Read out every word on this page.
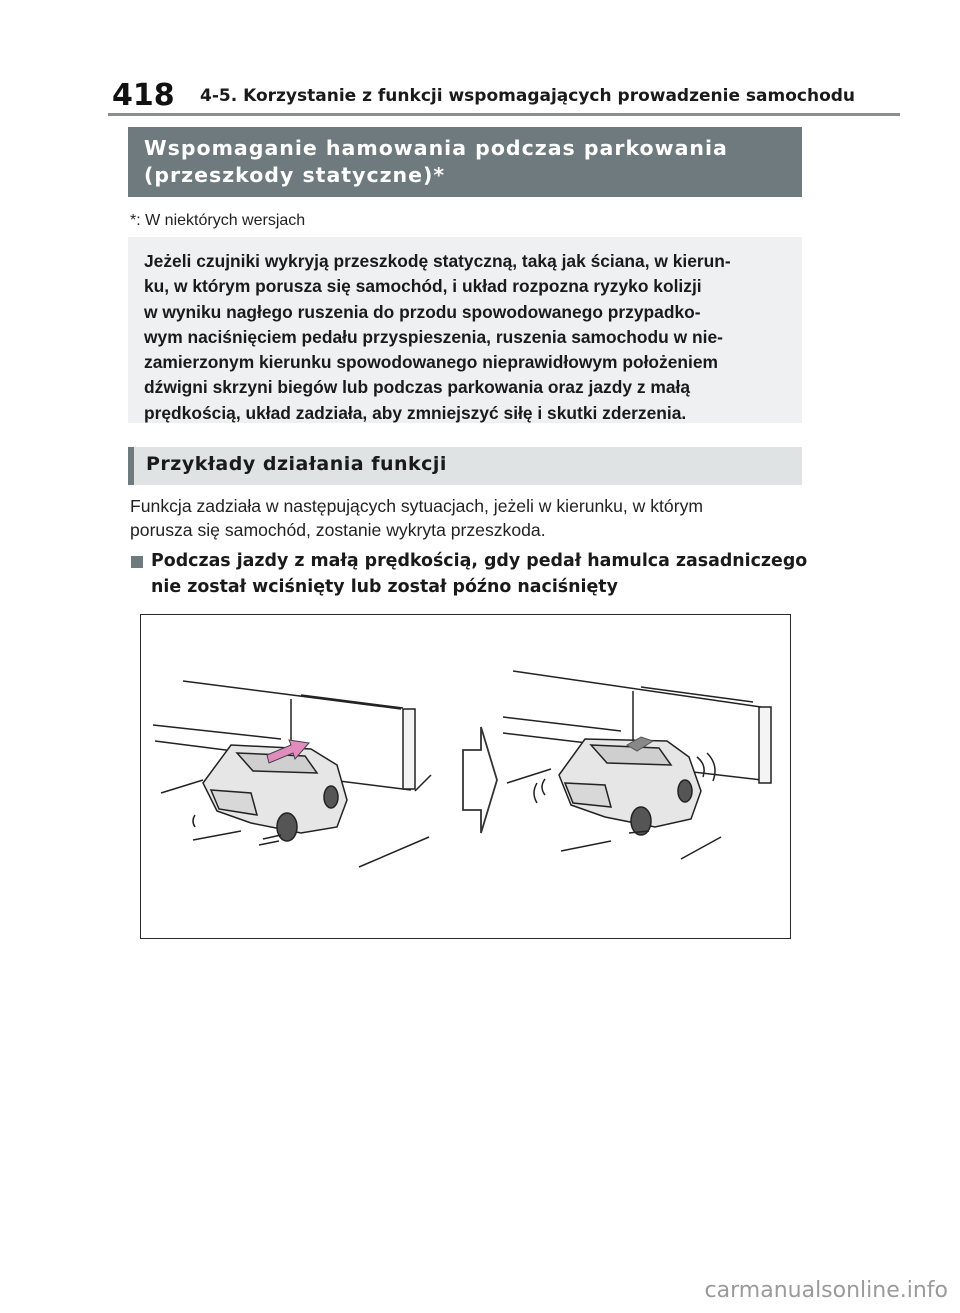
418 4-5. Korzystanie z funkcji wspomagających prowadzenie samochodu
Wspomaganie hamowania podczas parkowania
(przeszkody statyczne)*
*: W niektórych wersjach

Jeżeli czujniki wykryją przeszkodę statyczną, taką jak ściana, w kierun-

ku, w którym porusza się samochód, i układ rozpozna ryzyko kolizji

w wyniku nagłego ruszenia do przodu spowodowanego przypadko-

wym naciśnięciem pedału przyspieszenia, ruszenia samochodu w nie-

zamierzonym kierunku spowodowanego nieprawidłowym położeniem

dźwigni skrzyni biegów lub podczas parkowania oraz jazdy z małą

prędkością, układ zadziała, aby zmniejszyć siłę i skutki zderzenia.

Przykłady działania funkcji

Funkcja zadziała w następujących sytuacjach, jeżeli w kierunku, w którym
porusza się samochód, zostanie wykryta przeszkoda.

Podczas jazdy z małą prędkością, gdy pedał hamulca zasadniczego
nie został wciśnięty lub został późno naciśnięty

carmanualsonline.info
